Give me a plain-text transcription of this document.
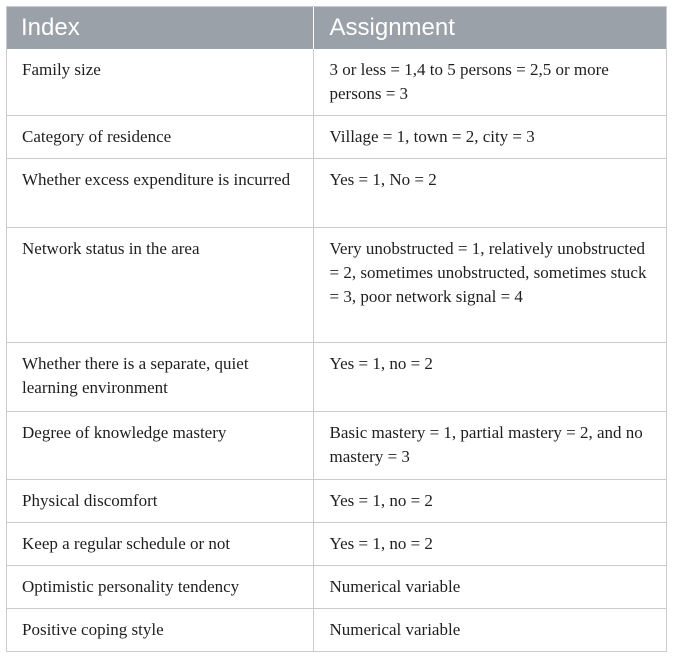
Index	Assignment
Family size	3 or less = 1,4 to 5 persons = 2,5 or more persons = 3
Category of residence	Village = 1, town = 2, city = 3
Whether excess expenditure is incurred	Yes = 1, No = 2
Network status in the area	Very unobstructed = 1, relatively unobstructed = 2, sometimes unobstructed, sometimes stuck = 3, poor network signal = 4
Whether there is a separate, quiet learning environment	Yes = 1, no = 2
Degree of knowledge mastery	Basic mastery = 1, partial mastery = 2, and no mastery = 3
Physical discomfort	Yes = 1, no = 2
Keep a regular schedule or not	Yes = 1, no = 2
Optimistic personality tendency	Numerical variable
Positive coping style	Numerical variable
